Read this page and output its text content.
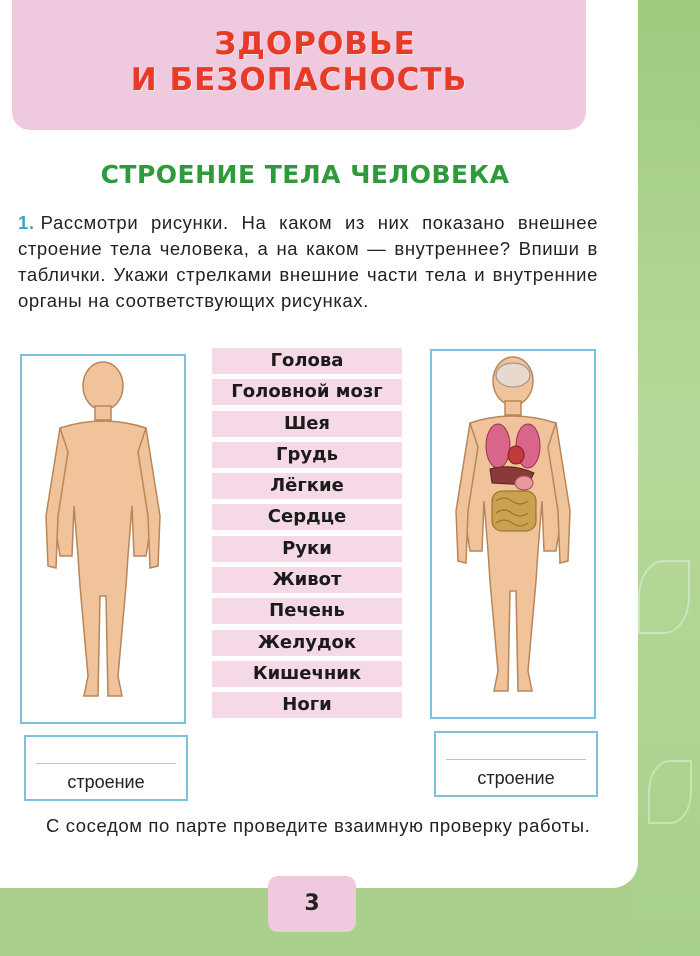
ЗДОРОВЬЕ
И БЕЗОПАСНОСТЬ
СТРОЕНИЕ ТЕЛА ЧЕЛОВЕКА
1. Рассмотри рисунки. На каком из них показано внешнее строение тела человека, а на каком — внутреннее? Впиши в таблички. Укажи стрелками внешние части тела и внутренние органы на соответствующих рисунках.
Голова
Головной мозг
Шея
Грудь
Лёгкие
Сердце
Руки
Живот
Печень
Желудок
Кишечник
Ноги
строение	строение
С соседом по парте проведите взаимную проверку работы.
3
